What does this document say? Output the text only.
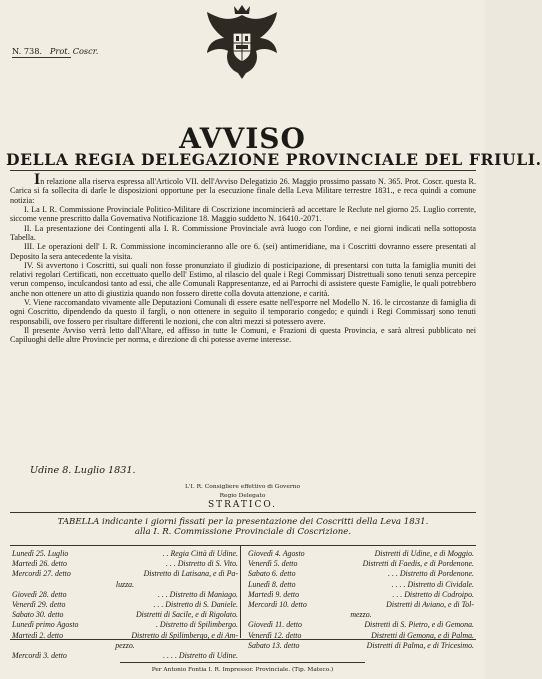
N. 738. Prot. Coscr.
AVVISO
DELLA REGIA DELEGAZIONE PROVINCIALE DEL FRIULI.

In relazione alla riserva espressa all'Articolo VII. dell'Avviso Delegatizio 26. Maggio prossimo passato N. 365. Prot. Coscr. questa R. Carica si fa sollecita di darle le disposizioni opportune per la esecuzione finale della Leva Militare terrestre 1831., e reca quindi a comune notizia:

I. La I. R. Commissione Provinciale Politico-Militare di Coscrizione incomincierà ad accettare le Reclute nel giorno 25. Luglio corrente, siccome venne prescritto dalla Governativa Notificazione 18. Maggio suddetto N. 16410.-2071.

II. La presentazione dei Contingenti alla I. R. Commissione Provinciale avrà luogo con l'ordine, e nei giorni indicati nella sottoposta Tabella.

III. Le operazioni dell' I. R. Commissione incomincieranno alle ore 6. (sei) antimeridiane, ma i Coscritti dovranno essere presentati al Deposito la sera antecedente la visita.

IV. Si avvertono i Coscritti, sui quali non fosse pronunziato il giudizio di posticipazione, di presentarsi con tutta la famiglia muniti dei relativi regolari Certificati, non eccettuato quello dell' Estimo, al rilascio del quale i Regi Commissarj Distrettuali sono tenuti senza percepire verun compenso, inculcandosi tanto ad essi, che alle Comunali Rappresentanze, ed ai Parrochi di assistere queste Famiglie, le quali potrebbero anche non ottenere un atto di giustizia quando non fossero dirette colla dovuta attenzione, e carità.

V. Viene raccomandato vivamente alle Deputazioni Comunali di essere esatte nell'esporre nel Modello N. 16. le circostanze di famiglia di ogni Coscritto, dipendendo da questo il fargli, o non ottenere in seguito il temporario congedo; e quindi i Regi Commissarj sono tenuti responsabili, ove fossero per risultare differenti le nozioni, che con altri mezzi si potessero avere.

Il presente Avviso verrà letto dall'Altare, ed affisso in tutte le Comuni, e Frazioni di questa Provincia, e sarà altresì pubblicato nei Capiluoghi delle altre Provincie per norma, e direzione di chi potesse averne interesse.

Udine 8. Luglio 1831.
L'I. R. Consigliere effettivo di Governo
Regio Delegato
STRATICO.
TABELLA indicante i giorni fissati per la presentazione dei Coscritti della Leva 1831.
alla I. R. Commissione Provinciale di Coscrizione.
Lunedì 25. Luglio	. . Regia Città di Udine.
Martedì 26. detto	. . . Distretto di S. Vito.
Mercordì 27. detto	Distretto di Latisana, e di Pa-
luzza.
Giovedì 28. detto	. . . Distretto di Maniago.
Venerdì 29. detto	. . . Distretto di S. Daniele.
Sabato 30. detto	Distretti di Sacile, e di Rigolato.
Lunedì primo Agosto	. Distretto di Spilimbergo.
Martedì 2. detto	Distretto di Spilimbergo, e di Am-
pezzo.
Mercordì 3. detto	. . . . Distretto di Udine.
Giovedì 4. Agosto	Distretti di Udine, e di Moggio.
Venerdì 5. detto	Distretti di Faedis, e di Pordenone.
Sabato 6. detto	. . . Distretto di Pordenone.
Lunedì 8. detto	. . . . Distretto di Cividale.
Martedì 9. detto	. . . Distretto di Codroipo.
Mercordì 10. detto	Distretti di Aviano, e di Tol-
mezzo.
Giovedì 11. detto	Distretti di S. Pietro, e di Gemona.
Venerdì 12. detto	Distretti di Gemona, e di Palma.
Sabato 13. detto	Distretti di Palma, e di Tricesimo.
Per Antonio Fontia I. R. Impressor. Provinciale. (Tip. Mateco.)
